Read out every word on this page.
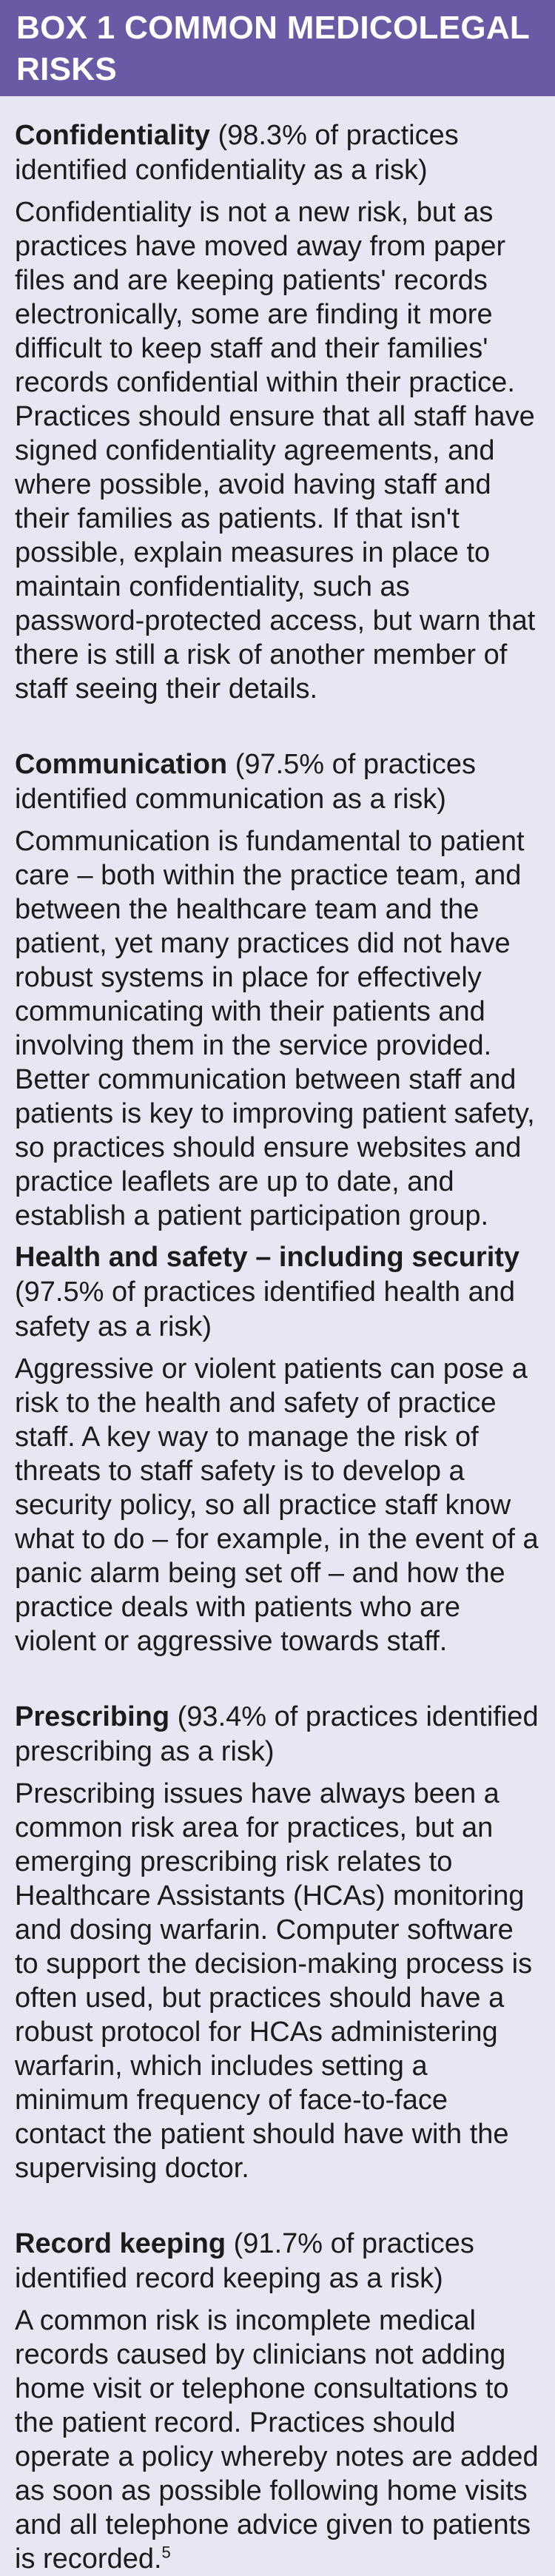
BOX 1 COMMON MEDICOLEGAL
RISKS

Confidentiality (98.3% of practices identified confidentiality as a risk)

Confidentiality is not a new risk, but as practices have moved away from paper files and are keeping patients' records electronically, some are finding it more difficult to keep staff and their families' records confidential within their practice. Practices should ensure that all staff have signed confidentiality agreements, and where possible, avoid having staff and their families as patients. If that isn't possible, explain measures in place to maintain confidentiality, such as password-protected access, but warn that there is still a risk of another member of staff seeing their details.

Communication (97.5% of practices identified communication as a risk)

Communication is fundamental to patient care – both within the practice team, and between the healthcare team and the patient, yet many practices did not have robust systems in place for effectively communicating with their patients and involving them in the service provided. Better communication between staff and patients is key to improving patient safety, so practices should ensure websites and practice leaflets are up to date, and establish a patient participation group.

Health and safety – including security (97.5% of practices identified health and safety as a risk)

Aggressive or violent patients can pose a risk to the health and safety of practice staff. A key way to manage the risk of threats to staff safety is to develop a security policy, so all practice staff know what to do – for example, in the event of a panic alarm being set off – and how the practice deals with patients who are violent or aggressive towards staff.

Prescribing (93.4% of practices identified prescribing as a risk)

Prescribing issues have always been a common risk area for practices, but an emerging prescribing risk relates to Healthcare Assistants (HCAs) monitoring and dosing warfarin. Computer software to support the decision-making process is often used, but practices should have a robust protocol for HCAs administering warfarin, which includes setting a minimum frequency of face-to-face contact the patient should have with the supervising doctor.

Record keeping (91.7% of practices identified record keeping as a risk)

A common risk is incomplete medical records caused by clinicians not adding home visit or telephone consultations to the patient record. Practices should operate a policy whereby notes are added as soon as possible following home visits and all telephone advice given to patients is recorded.$^5$
